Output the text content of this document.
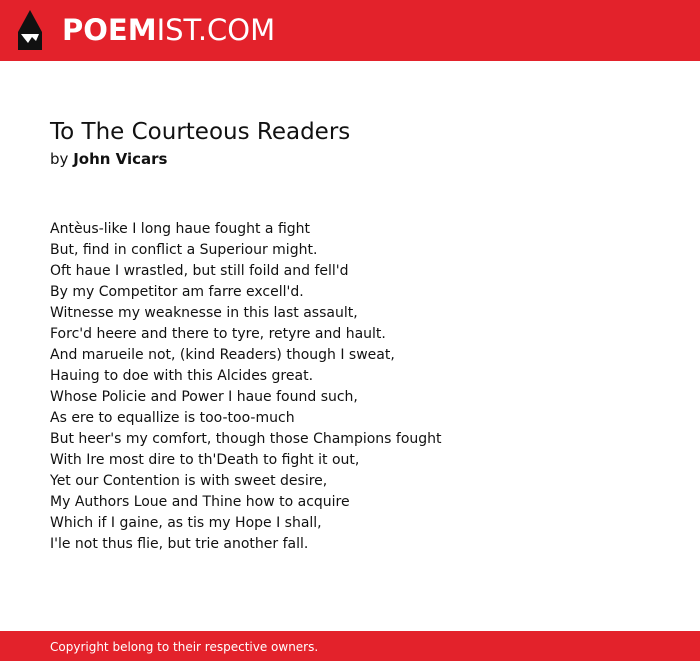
POEMIST.COM
To The Courteous Readers
by John Vicars
Antèus-like I long haue fought a fight
But, find in conflict a Superiour might.
Oft haue I wrastled, but still foild and fell'd
By my Competitor am farre excell'd.
Witnesse my weaknesse in this last assault,
Forc'd heere and there to tyre, retyre and hault.
And marueile not, (kind Readers) though I sweat,
Hauing to doe with this Alcides great.
Whose Policie and Power I haue found such,
As ere to equallize is too-too-much
But heer's my comfort, though those Champions fought
With Ire most dire to th'Death to fight it out,
Yet our Contention is with sweet desire,
My Authors Loue and Thine how to acquire
Which if I gaine, as tis my Hope I shall,
I'le not thus flie, but trie another fall.
Copyright belong to their respective owners.
